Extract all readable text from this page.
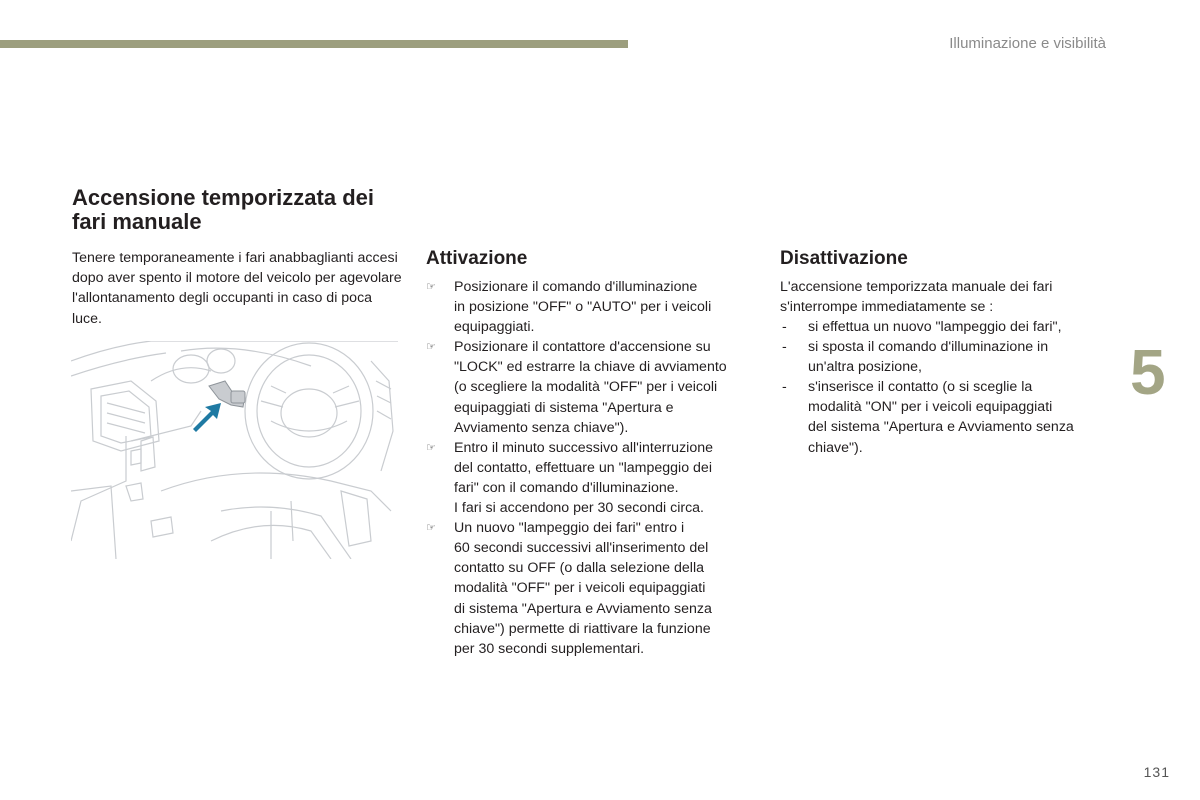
Illuminazione e visibilità
5
Accensione temporizzata dei fari manuale

Tenere temporaneamente i fari anabbaglianti accesi dopo aver spento il motore del veicolo per agevolare l'allontanamento degli occupanti in caso di poca luce.

Attivazione
☞ Posizionare il comando d'illuminazione
in posizione "OFF" o "AUTO" per i veicoli
equipaggiati.
☞ Posizionare il contattore d'accensione su
"LOCK" ed estrarre la chiave di avviamento
(o scegliere la modalità "OFF" per i veicoli
equipaggiati di sistema "Apertura e
Avviamento senza chiave").
☞ Entro il minuto successivo all'interruzione
del contatto, effettuare un "lampeggio dei
fari" con il comando d'illuminazione.
I fari si accendono per 30 secondi circa.
☞ Un nuovo "lampeggio dei fari" entro i
60 secondi successivi all'inserimento del
contatto su OFF (o dalla selezione della
modalità "OFF" per i veicoli equipaggiati
di sistema "Apertura e Avviamento senza
chiave") permette di riattivare la funzione
per 30 secondi supplementari.
Disattivazione

L'accensione temporizzata manuale dei fari
s'interrompe immediatamente se :

- si effettua un nuovo "lampeggio dei fari",
- si sposta il comando d'illuminazione in
un'altra posizione,
- s'inserisce il contatto (o si sceglie la
modalità "ON" per i veicoli equipaggiati
del sistema "Apertura e Avviamento senza
chiave").
131
